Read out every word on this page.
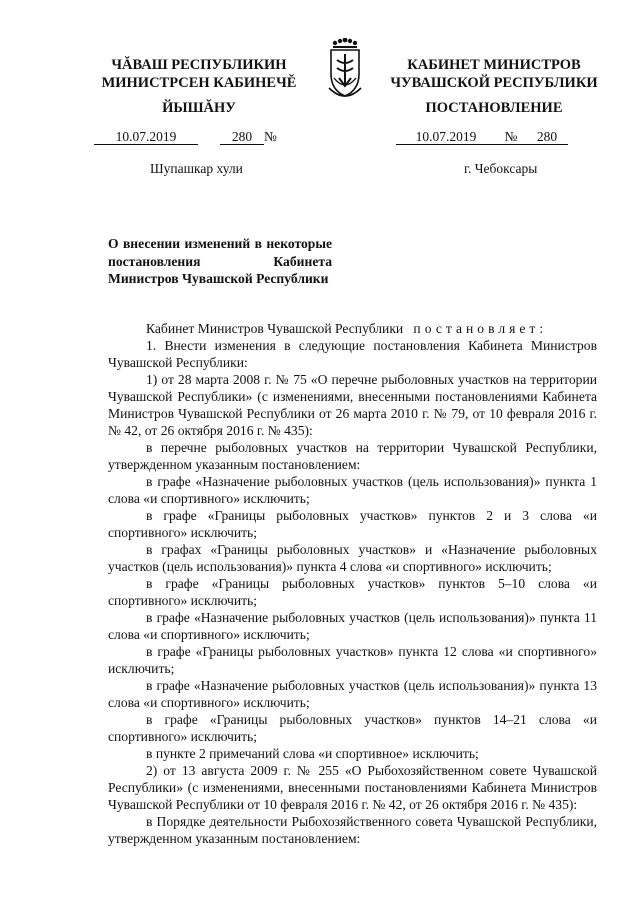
ЧĂВАШ РЕСПУБЛИКИН
МИНИСТРСЕН КАБИНЕЧĔ
ЙЫШĂНУ
КАБИНЕТ МИНИСТРОВ
ЧУВАШСКОЙ РЕСПУБЛИКИ
ПОСТАНОВЛЕНИЕ
10.07.2019	280 №	10.07.2019 № 280
Шупашкар хули	г. Чебоксары
О внесении изменений в некоторые постановления Кабинета Министров Чувашской Республики

Кабинет Министров Чувашской Республики постановляет:

1. Внести изменения в следующие постановления Кабинета Министров Чувашской Республики:

1) от 28 марта 2008 г. № 75 «О перечне рыболовных участков на территории Чувашской Республики» (с изменениями, внесенными постановлениями Кабинета Министров Чувашской Республики от 26 марта 2010 г. № 79, от 10 февраля 2016 г. № 42, от 26 октября 2016 г. № 435):

в перечне рыболовных участков на территории Чувашской Республики, утвержденном указанным постановлением:

в графе «Назначение рыболовных участков (цель использования)» пункта 1 слова «и спортивного» исключить;

в графе «Границы рыболовных участков» пунктов 2 и 3 слова «и спортивного» исключить;

в графах «Границы рыболовных участков» и «Назначение рыболовных участков (цель использования)» пункта 4 слова «и спортивного» исключить;

в графе «Границы рыболовных участков» пунктов 5–10 слова «и спортивного» исключить;

в графе «Назначение рыболовных участков (цель использования)» пункта 11 слова «и спортивного» исключить;

в графе «Границы рыболовных участков» пункта 12 слова «и спортивного» исключить;

в графе «Назначение рыболовных участков (цель использования)» пункта 13 слова «и спортивного» исключить;

в графе «Границы рыболовных участков» пунктов 14–21 слова «и спортивного» исключить;

в пункте 2 примечаний слова «и спортивное» исключить;

2) от 13 августа 2009 г. № 255 «О Рыбохозяйственном совете Чувашской Республики» (с изменениями, внесенными постановлениями Кабинета Министров Чувашской Республики от 10 февраля 2016 г. № 42, от 26 октября 2016 г. № 435):

в Порядке деятельности Рыбохозяйственного совета Чувашской Республики, утвержденном указанным постановлением:
